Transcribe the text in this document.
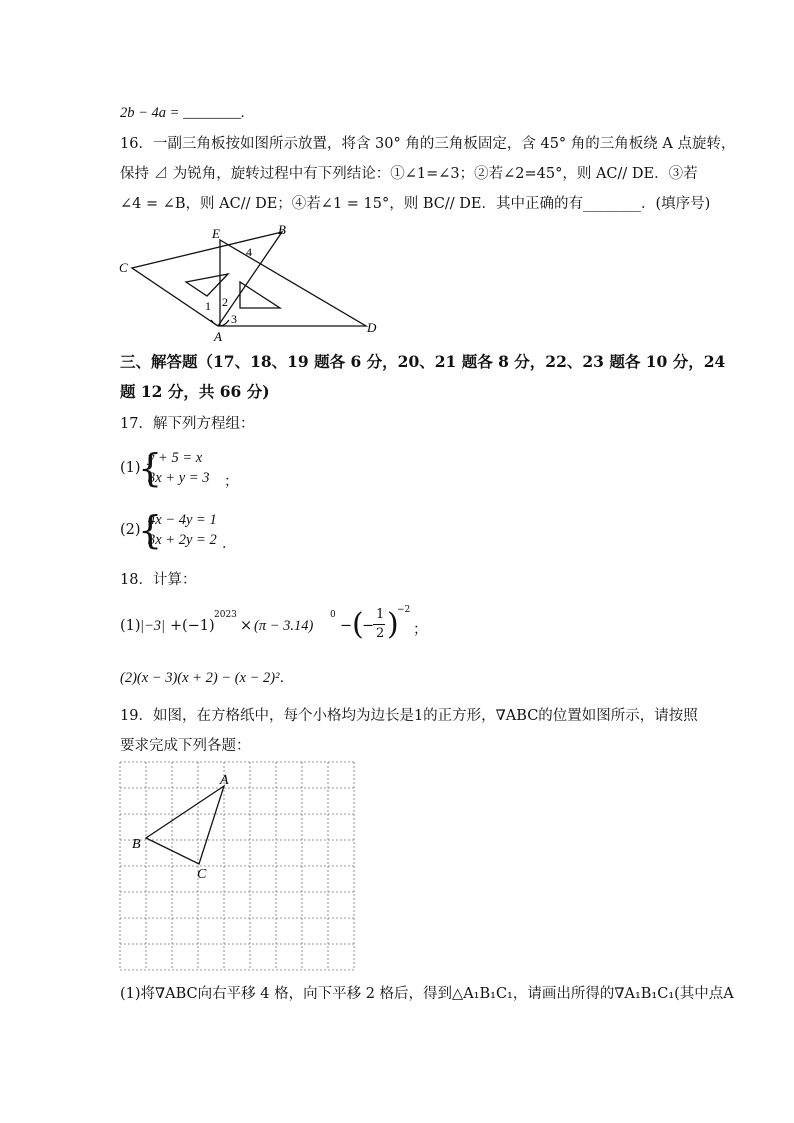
2b − 4a = ________.
16．一副三角板按如图所示放置，将含 30° 角的三角板固定，含 45° 角的三角板绕 A 点旋转，
保持 ⊿ 为锐角，旋转过程中有下列结论：①∠1=∠3；②若∠2=45°，则 AC// DE．③若
∠4 = ∠B，则 AC// DE；④若∠1 = 15°，则 BC// DE．其中正确的有________．(填序号)
E	B
C
A
D
1 2
3
4
三、解答题（17、18、19 题各 6 分，20、21 题各 8 分，22、23 题各 10 分，24
题 12 分，共 66 分)
17．解下列方程组：
(1)
{
y + 5 = x
3x + y = 3 ；
(2)
{
4x − 4y = 1
3x + 2y = 2 ．
18．计算：
(1) |−3| + (−1)
2023
× (π − 3.14)
0
− (
−
1
2 )
−2
；
(2)(x − 3)(x + 2) − (x − 2)²．
19．如图，在方格纸中，每个小格均为边长是1的正方形，∇ABC的位置如图所示，请按照
要求完成下列各题：
A
B
C
(1)将∇ABC向右平移 4 格，向下平移 2 格后，得到△A₁B₁C₁，请画出所得的∇A₁B₁C₁(其中点A
